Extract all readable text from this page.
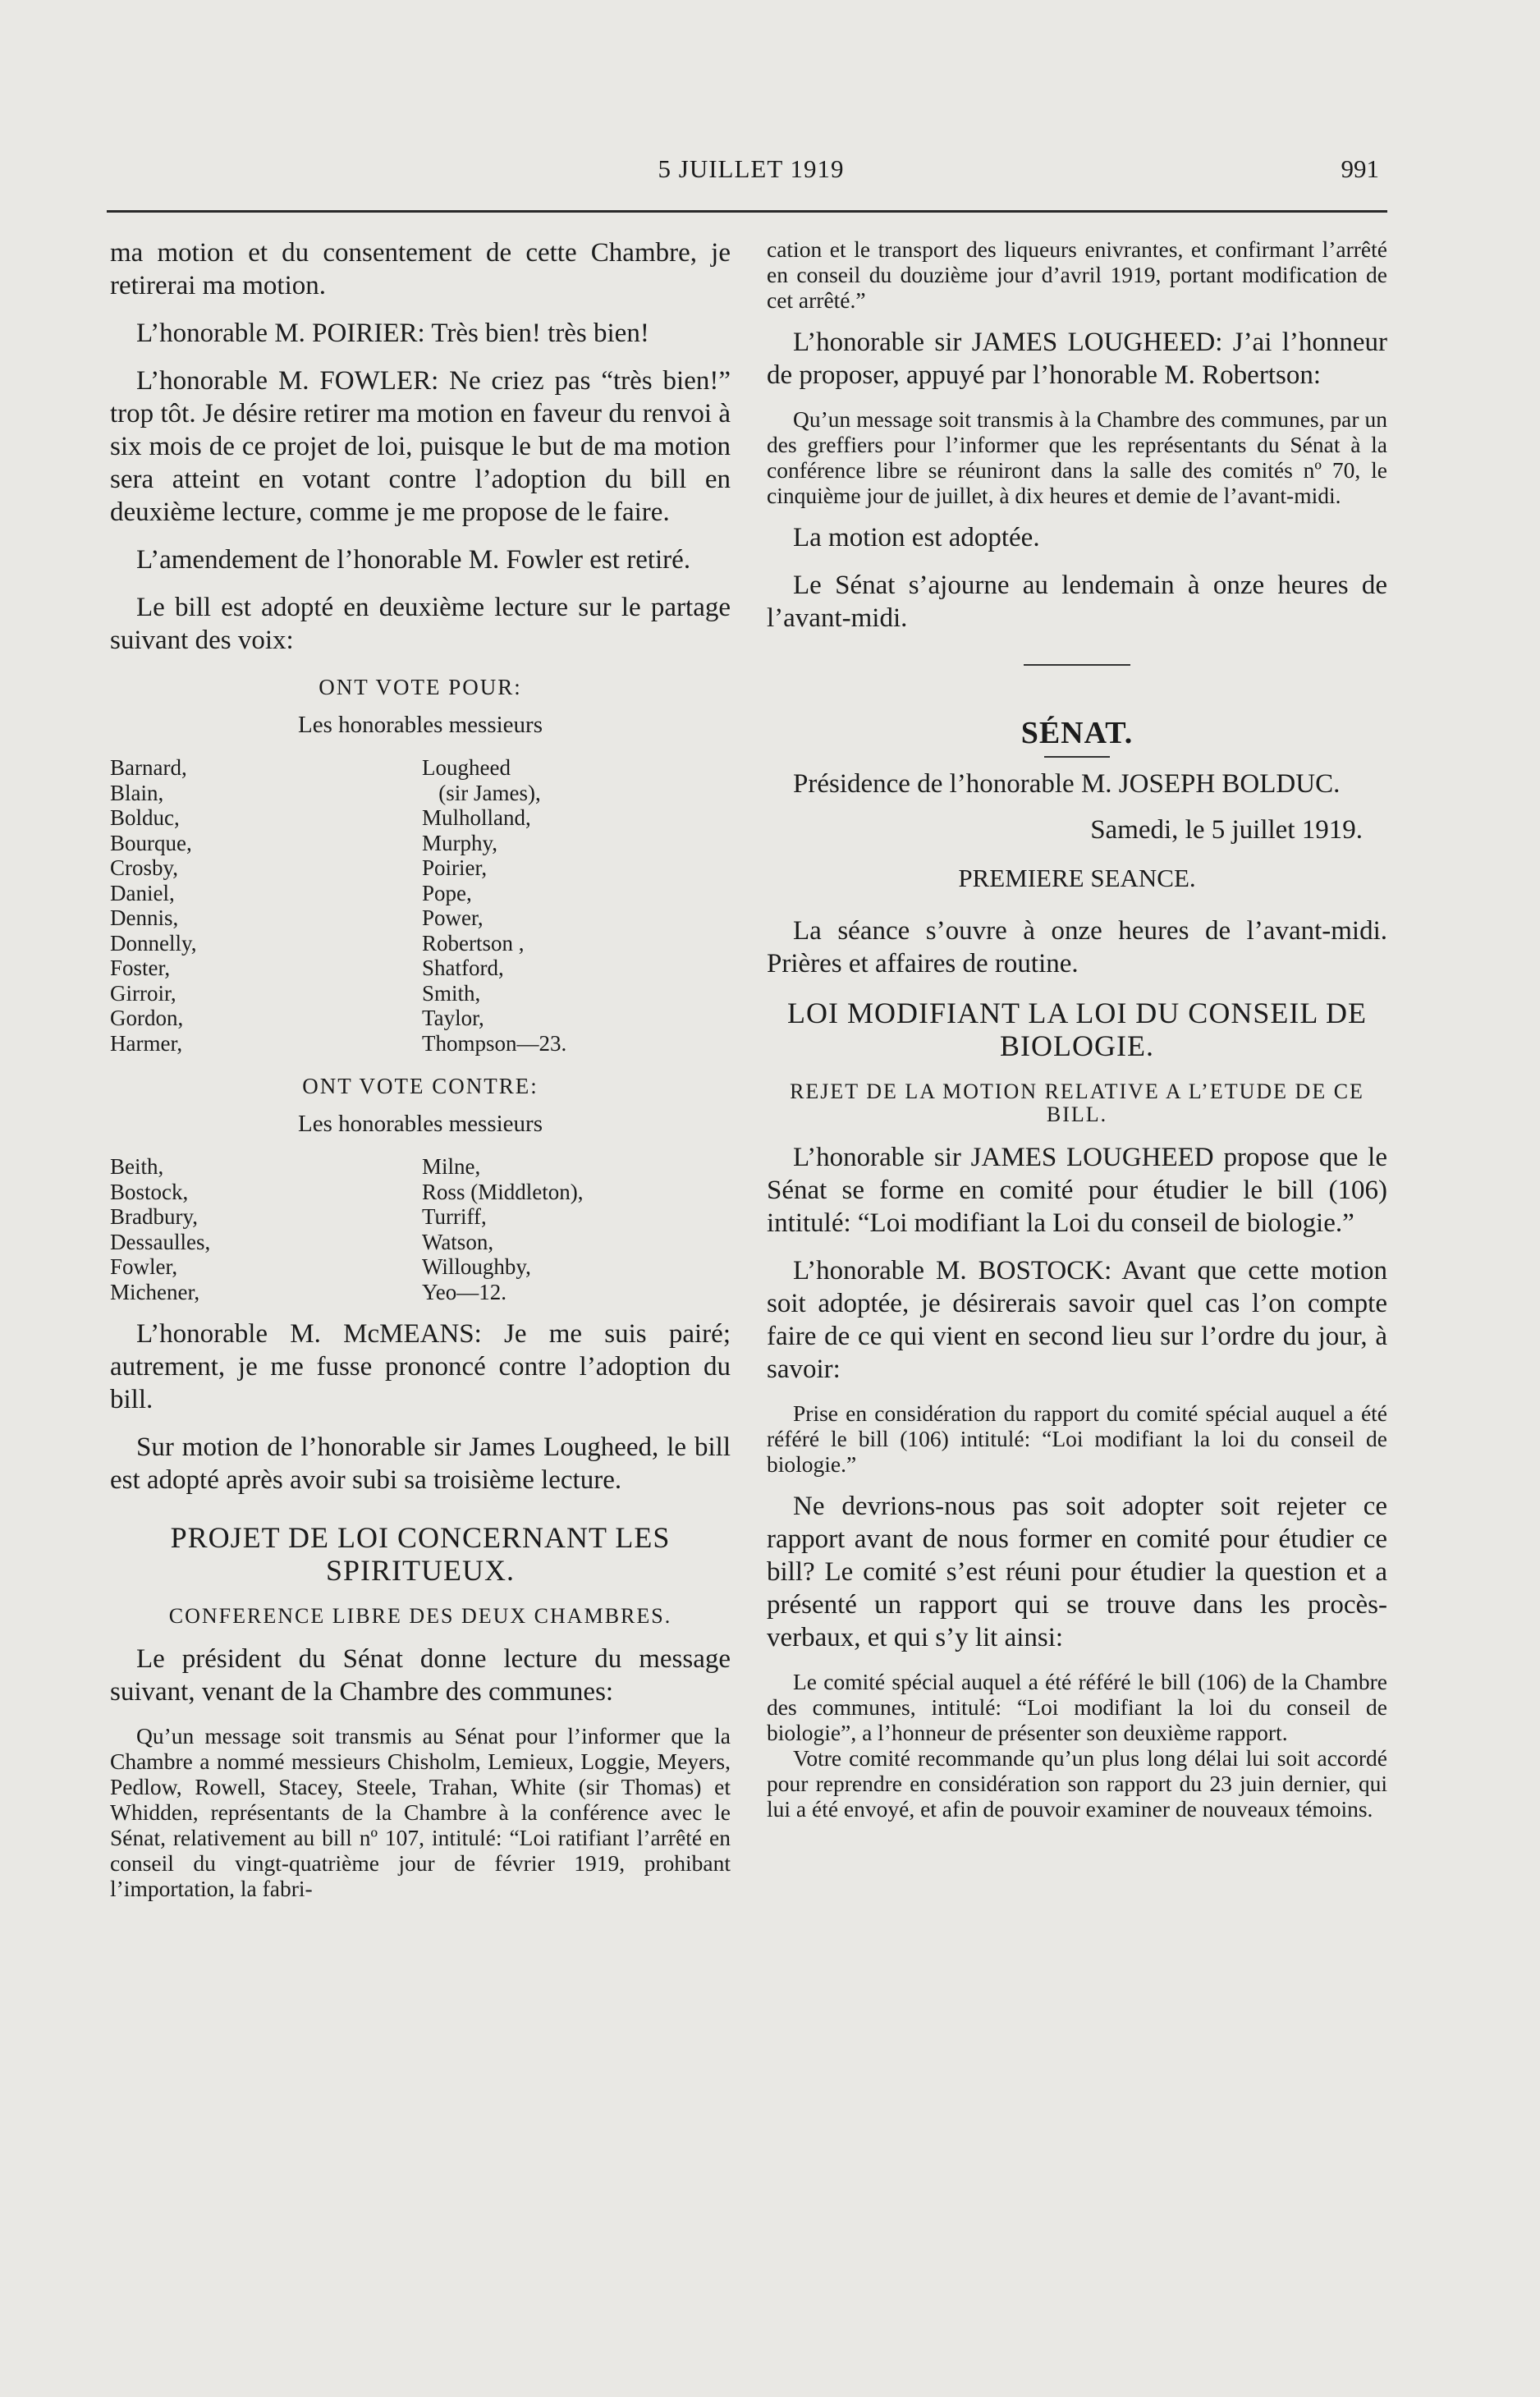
5 JUILLET 1919	991

ma motion et du consentement de cette Chambre, je retirerai ma motion.

L’honorable M. POIRIER: Très bien! très bien!

L’honorable M. FOWLER: Ne criez pas “très bien!” trop tôt. Je désire retirer ma motion en faveur du renvoi à six mois de ce projet de loi, puisque le but de ma motion sera atteint en votant contre l’adoption du bill en deuxième lecture, comme je me propose de le faire.

L’amendement de l’honorable M. Fowler est retiré.

Le bill est adopté en deuxième lecture sur le partage suivant des voix:

ONT VOTE POUR:
Les honorables messieurs
Barnard,
Blain,
Bolduc,
Bourque,
Crosby,
Daniel,
Dennis,
Donnelly,
Foster,
Girroir,
Gordon,
Harmer,
Lougheed
(sir James),
Mulholland,
Murphy,
Poirier,
Pope,
Power,
Robertson ,
Shatford,
Smith,
Taylor,
Thompson—23.
ONT VOTE CONTRE:
Les honorables messieurs
Beith,
Bostock,
Bradbury,
Dessaulles,
Fowler,
Michener,
Milne,
Ross (Middleton),
Turriff,
Watson,
Willoughby,
Yeo—12.

L’honorable M. McMEANS: Je me suis pairé; autrement, je me fusse prononcé contre l’adoption du bill.

Sur motion de l’honorable sir James Lougheed, le bill est adopté après avoir subi sa troisième lecture.

PROJET DE LOI CONCERNANT LES SPIRITUEUX.
CONFERENCE LIBRE DES DEUX CHAMBRES.

Le président du Sénat donne lecture du message suivant, venant de la Chambre des communes:

Qu’un message soit transmis au Sénat pour l’informer que la Chambre a nommé messieurs Chisholm, Lemieux, Loggie, Meyers, Pedlow, Rowell, Stacey, Steele, Trahan, White (sir Thomas) et Whidden, représentants de la Chambre à la conférence avec le Sénat, relativement au bill nº 107, intitulé: “Loi ratifiant l’arrêté en conseil du vingt-quatrième jour de février 1919, prohibant l’importation, la fabri-
cation et le transport des liqueurs enivrantes, et confirmant l’arrêté en conseil du douzième jour d’avril 1919, portant modification de cet arrêté.”

L’honorable sir JAMES LOUGHEED: J’ai l’honneur de proposer, appuyé par l’honorable M. Robertson:

Qu’un message soit transmis à la Chambre des communes, par un des greffiers pour l’informer que les représentants du Sénat à la conférence libre se réuniront dans la salle des comités nº 70, le cinquième jour de juillet, à dix heures et demie de l’avant-midi.

La motion est adoptée.

Le Sénat s’ajourne au lendemain à onze heures de l’avant-midi.

SÉNAT.

Présidence de l’honorable M. JOSEPH BOLDUC.

Samedi, le 5 juillet 1919.
PREMIERE SEANCE.

La séance s’ouvre à onze heures de l’avant-midi. Prières et affaires de routine.

LOI MODIFIANT LA LOI DU CONSEIL DE BIOLOGIE.
REJET DE LA MOTION RELATIVE A L’ETUDE DE CE BILL.

L’honorable sir JAMES LOUGHEED propose que le Sénat se forme en comité pour étudier le bill (106) intitulé: “Loi modifiant la Loi du conseil de biologie.”

L’honorable M. BOSTOCK: Avant que cette motion soit adoptée, je désirerais savoir quel cas l’on compte faire de ce qui vient en second lieu sur l’ordre du jour, à savoir:

Prise en considération du rapport du comité spécial auquel a été référé le bill (106) intitulé: “Loi modifiant la loi du conseil de biologie.”

Ne devrions-nous pas soit adopter soit rejeter ce rapport avant de nous former en comité pour étudier ce bill? Le comité s’est réuni pour étudier la question et a présenté un rapport qui se trouve dans les procès-verbaux, et qui s’y lit ainsi:

Le comité spécial auquel a été référé le bill (106) de la Chambre des communes, intitulé: “Loi modifiant la loi du conseil de biologie”, a l’honneur de présenter son deuxième rapport.
Votre comité recommande qu’un plus long délai lui soit accordé pour reprendre en considération son rapport du 23 juin dernier, qui lui a été envoyé, et afin de pouvoir examiner de nouveaux témoins.
